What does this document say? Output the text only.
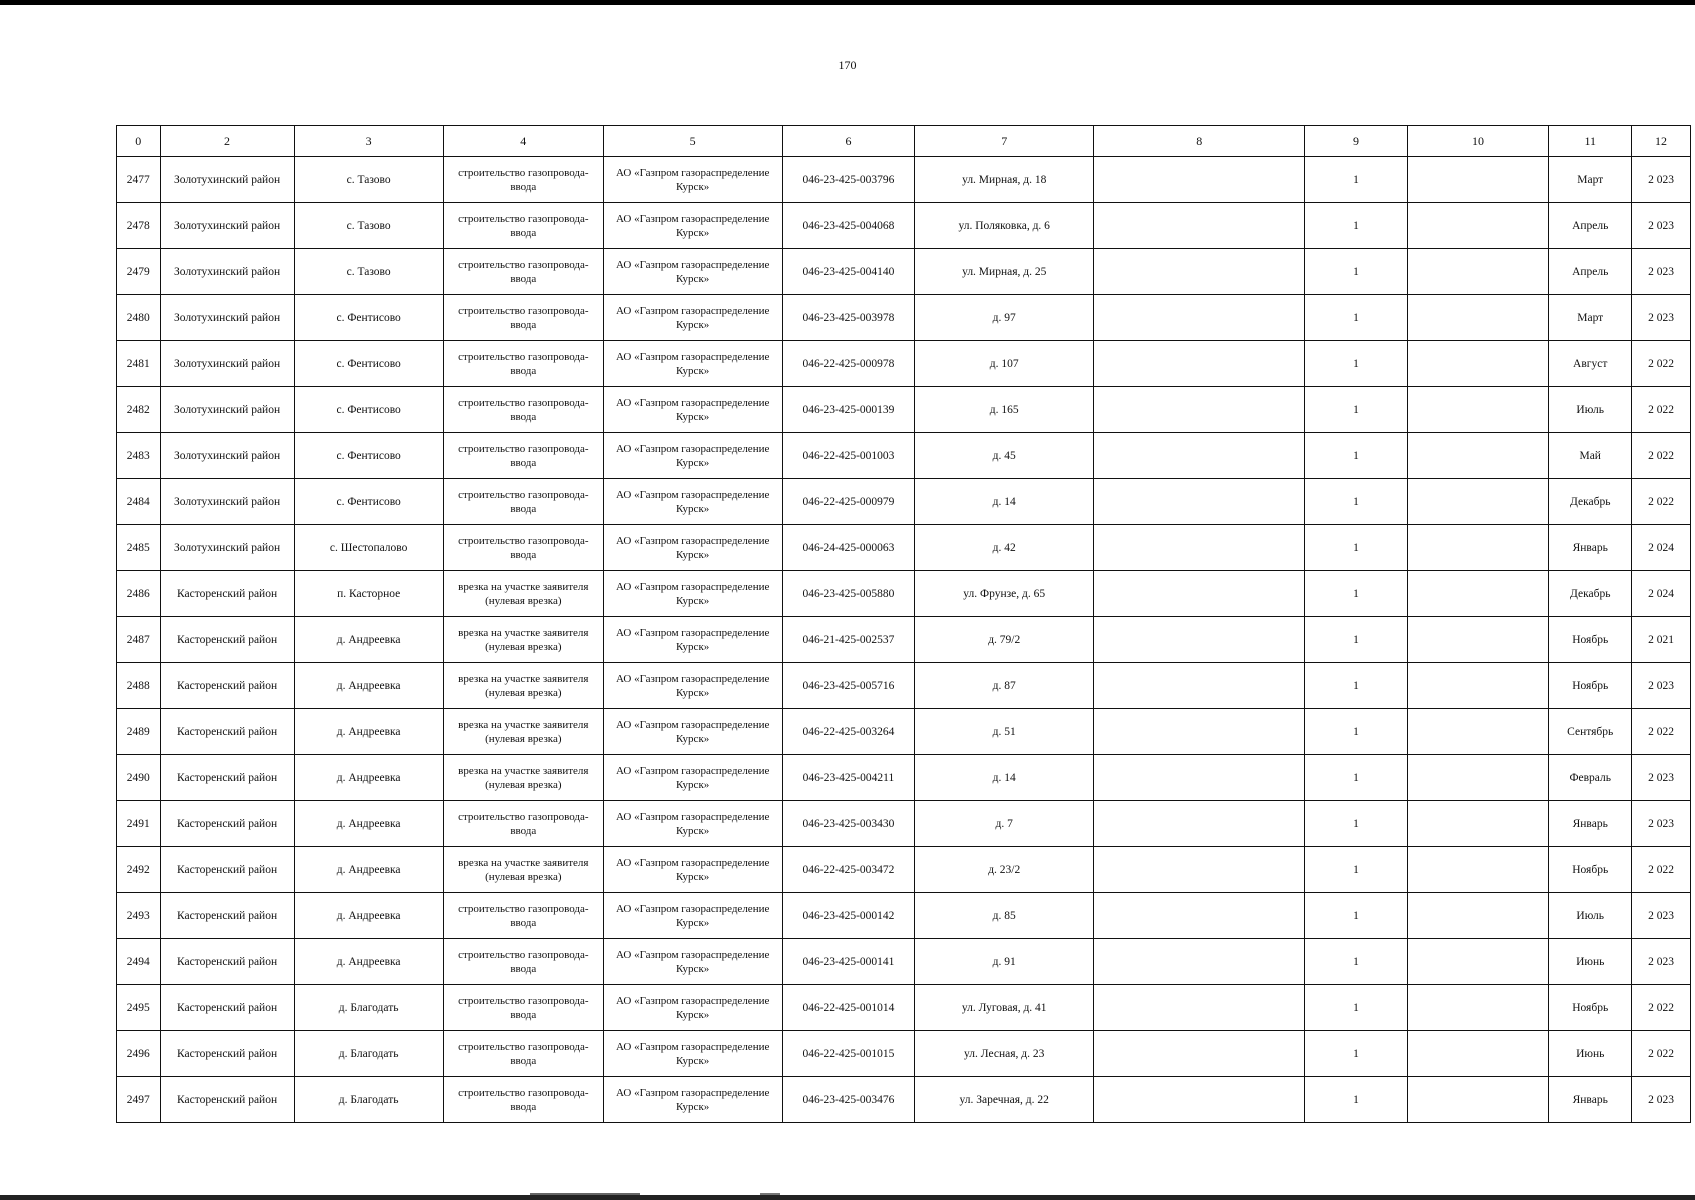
170
0	2	3	4	5	6	7	8	9	10	11	12
2477	Золотухинский район	с. Тазово	строительство газопровода-ввода	АО «Газпром газораспределение Курск»	046-23-425-003796	ул. Мирная, д. 18		1		Март	2 023
2478	Золотухинский район	с. Тазово	строительство газопровода-ввода	АО «Газпром газораспределение Курск»	046-23-425-004068	ул. Поляковка, д. 6		1		Апрель	2 023
2479	Золотухинский район	с. Тазово	строительство газопровода-ввода	АО «Газпром газораспределение Курск»	046-23-425-004140	ул. Мирная, д. 25		1		Апрель	2 023
2480	Золотухинский район	с. Фентисово	строительство газопровода-ввода	АО «Газпром газораспределение Курск»	046-23-425-003978	д. 97		1		Март	2 023
2481	Золотухинский район	с. Фентисово	строительство газопровода-ввода	АО «Газпром газораспределение Курск»	046-22-425-000978	д. 107		1		Август	2 022
2482	Золотухинский район	с. Фентисово	строительство газопровода-ввода	АО «Газпром газораспределение Курск»	046-23-425-000139	д. 165		1		Июль	2 022
2483	Золотухинский район	с. Фентисово	строительство газопровода-ввода	АО «Газпром газораспределение Курск»	046-22-425-001003	д. 45		1		Май	2 022
2484	Золотухинский район	с. Фентисово	строительство газопровода-ввода	АО «Газпром газораспределение Курск»	046-22-425-000979	д. 14		1		Декабрь	2 022
2485	Золотухинский район	с. Шестопалово	строительство газопровода-ввода	АО «Газпром газораспределение Курск»	046-24-425-000063	д. 42		1		Январь	2 024
2486	Касторенский район	п. Касторное	врезка на участке заявителя (нулевая врезка)	АО «Газпром газораспределение Курск»	046-23-425-005880	ул. Фрунзе, д. 65		1		Декабрь	2 024
2487	Касторенский район	д. Андреевка	врезка на участке заявителя (нулевая врезка)	АО «Газпром газораспределение Курск»	046-21-425-002537	д. 79/2		1		Ноябрь	2 021
2488	Касторенский район	д. Андреевка	врезка на участке заявителя (нулевая врезка)	АО «Газпром газораспределение Курск»	046-23-425-005716	д. 87		1		Ноябрь	2 023
2489	Касторенский район	д. Андреевка	врезка на участке заявителя (нулевая врезка)	АО «Газпром газораспределение Курск»	046-22-425-003264	д. 51		1		Сентябрь	2 022
2490	Касторенский район	д. Андреевка	врезка на участке заявителя (нулевая врезка)	АО «Газпром газораспределение Курск»	046-23-425-004211	д. 14		1		Февраль	2 023
2491	Касторенский район	д. Андреевка	строительство газопровода-ввода	АО «Газпром газораспределение Курск»	046-23-425-003430	д. 7		1		Январь	2 023
2492	Касторенский район	д. Андреевка	врезка на участке заявителя (нулевая врезка)	АО «Газпром газораспределение Курск»	046-22-425-003472	д. 23/2		1		Ноябрь	2 022
2493	Касторенский район	д. Андреевка	строительство газопровода-ввода	АО «Газпром газораспределение Курск»	046-23-425-000142	д. 85		1		Июль	2 023
2494	Касторенский район	д. Андреевка	строительство газопровода-ввода	АО «Газпром газораспределение Курск»	046-23-425-000141	д. 91		1		Июнь	2 023
2495	Касторенский район	д. Благодать	строительство газопровода-ввода	АО «Газпром газораспределение Курск»	046-22-425-001014	ул. Луговая, д. 41		1		Ноябрь	2 022
2496	Касторенский район	д. Благодать	строительство газопровода-ввода	АО «Газпром газораспределение Курск»	046-22-425-001015	ул. Лесная, д. 23		1		Июнь	2 022
2497	Касторенский район	д. Благодать	строительство газопровода-ввода	АО «Газпром газораспределение Курск»	046-23-425-003476	ул. Заречная, д. 22		1		Январь	2 023
